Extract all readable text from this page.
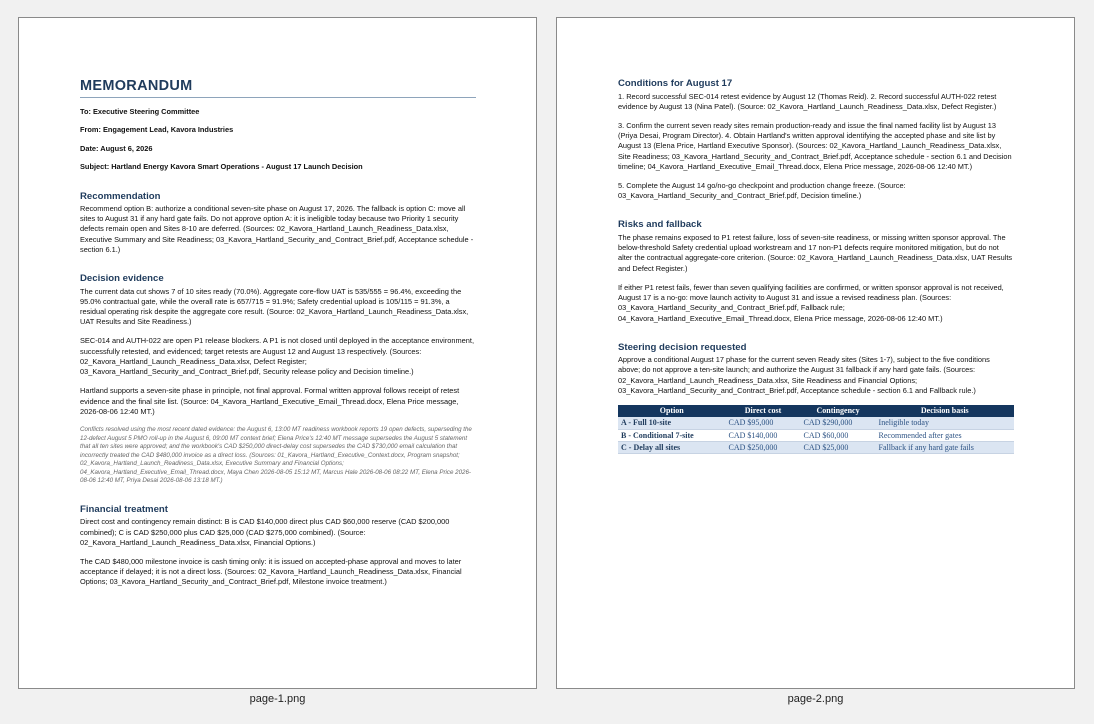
MEMORANDUM
To: Executive Steering Committee
From: Engagement Lead, Kavora Industries
Date: August 6, 2026
Subject: Hartland Energy Kavora Smart Operations - August 17 Launch Decision
Recommendation

Recommend option B: authorize a conditional seven-site phase on August 17, 2026. The fallback is option C: move all sites to August 31 if any hard gate fails. Do not approve option A: it is ineligible today because two Priority 1 security defects remain open and Sites 8-10 are deferred. (Sources: 02_Kavora_Hartland_Launch_Readiness_Data.xlsx, Executive Summary and Site Readiness; 03_Kavora_Hartland_Security_and_Contract_Brief.pdf, Acceptance schedule - section 6.1.)

Decision evidence

The current data cut shows 7 of 10 sites ready (70.0%). Aggregate core-flow UAT is 535/555 = 96.4%, exceeding the 95.0% contractual gate, while the overall rate is 657/715 = 91.9%; Safety credential upload is 105/115 = 91.3%, a residual operating risk despite the aggregate core result. (Source: 02_Kavora_Hartland_Launch_Readiness_Data.xlsx, UAT Results and Site Readiness.)

SEC-014 and AUTH-022 are open P1 release blockers. A P1 is not closed until deployed in the acceptance environment, successfully retested, and evidenced; target retests are August 12 and August 13 respectively. (Sources: 02_Kavora_Hartland_Launch_Readiness_Data.xlsx, Defect Register; 03_Kavora_Hartland_Security_and_Contract_Brief.pdf, Security release policy and Decision timeline.)

Hartland supports a seven-site phase in principle, not final approval. Formal written approval follows receipt of retest evidence and the final site list. (Source: 04_Kavora_Hartland_Executive_Email_Thread.docx, Elena Price message, 2026-08-06 12:40 MT.)

Conflicts resolved using the most recent dated evidence: the August 6, 13:00 MT readiness workbook reports 19 open defects, superseding the 12-defect August 5 PMO roll-up in the August 6, 09:00 MT context brief; Elena Price's 12:40 MT message supersedes the August 5 statement that all ten sites were approved; and the workbook's CAD $250,000 direct-delay cost supersedes the CAD $730,000 email calculation that incorrectly treated the CAD $480,000 invoice as a direct loss. (Sources: 01_Kavora_Hartland_Executive_Context.docx, Program snapshot; 02_Kavora_Hartland_Launch_Readiness_Data.xlsx, Executive Summary and Financial Options; 04_Kavora_Hartland_Executive_Email_Thread.docx, Maya Chen 2026-08-05 15:12 MT, Marcus Hale 2026-08-06 08:22 MT, Elena Price 2026-08-06 12:40 MT, Priya Desai 2026-08-06 13:18 MT.)

Financial treatment

Direct cost and contingency remain distinct: B is CAD $140,000 direct plus CAD $60,000 reserve (CAD $200,000 combined); C is CAD $250,000 plus CAD $25,000 (CAD $275,000 combined). (Source: 02_Kavora_Hartland_Launch_Readiness_Data.xlsx, Financial Options.)

The CAD $480,000 milestone invoice is cash timing only: it is issued on accepted-phase approval and moves to later acceptance if delayed; it is not a direct loss. (Sources: 02_Kavora_Hartland_Launch_Readiness_Data.xlsx, Financial Options; 03_Kavora_Hartland_Security_and_Contract_Brief.pdf, Milestone invoice treatment.)

page-1.png
Conditions for August 17

1. Record successful SEC-014 retest evidence by August 12 (Thomas Reid). 2. Record successful AUTH-022 retest evidence by August 13 (Nina Patel). (Source: 02_Kavora_Hartland_Launch_Readiness_Data.xlsx, Defect Register.)

3. Confirm the current seven ready sites remain production-ready and issue the final named facility list by August 13 (Priya Desai, Program Director). 4. Obtain Hartland's written approval identifying the accepted phase and site list by August 13 (Elena Price, Hartland Executive Sponsor). (Sources: 02_Kavora_Hartland_Launch_Readiness_Data.xlsx, Site Readiness; 03_Kavora_Hartland_Security_and_Contract_Brief.pdf, Acceptance schedule - section 6.1 and Decision timeline; 04_Kavora_Hartland_Executive_Email_Thread.docx, Elena Price message, 2026-08-06 12:40 MT.)

5. Complete the August 14 go/no-go checkpoint and production change freeze. (Source: 03_Kavora_Hartland_Security_and_Contract_Brief.pdf, Decision timeline.)

Risks and fallback

The phase remains exposed to P1 retest failure, loss of seven-site readiness, or missing written sponsor approval. The below-threshold Safety credential upload workstream and 17 non-P1 defects require monitored mitigation, but do not alter the contractual aggregate-core criterion. (Source: 02_Kavora_Hartland_Launch_Readiness_Data.xlsx, UAT Results and Defect Register.)

If either P1 retest fails, fewer than seven qualifying facilities are confirmed, or written sponsor approval is not received, August 17 is a no-go: move launch activity to August 31 and issue a revised readiness plan. (Sources: 03_Kavora_Hartland_Security_and_Contract_Brief.pdf, Fallback rule; 04_Kavora_Hartland_Executive_Email_Thread.docx, Elena Price message, 2026-08-06 12:40 MT.)

Steering decision requested

Approve a conditional August 17 phase for the current seven Ready sites (Sites 1-7), subject to the five conditions above; do not approve a ten-site launch; and authorize the August 31 fallback if any hard gate fails. (Sources: 02_Kavora_Hartland_Launch_Readiness_Data.xlsx, Site Readiness and Financial Options; 03_Kavora_Hartland_Security_and_Contract_Brief.pdf, Acceptance schedule - section 6.1 and Fallback rule.)

Option	Direct cost	Contingency	Decision basis
A - Full 10-site	CAD $95,000	CAD $290,000	Ineligible today
B - Conditional 7-site	CAD $140,000	CAD $60,000	Recommended after gates
C - Delay all sites	CAD $250,000	CAD $25,000	Fallback if any hard gate fails
page-2.png
